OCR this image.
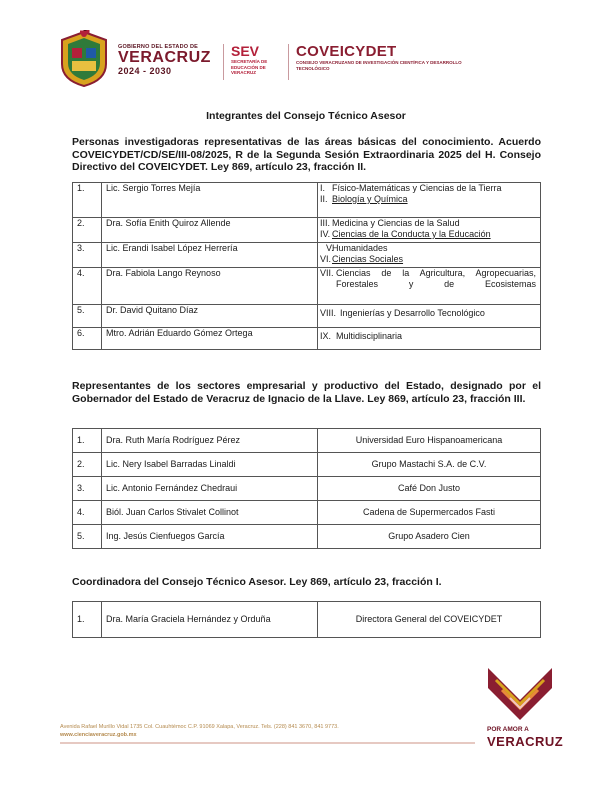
GOBIERNO DEL ESTADO DE
VERACRUZ
2024 - 2030
SEV
SECRETARÍA DE EDUCACIÓN DE VERACRUZ
COVEICYDET
CONSEJO VERACRUZANO DE INVESTIGACIÓN CIENTÍFICA Y DESARROLLO TECNOLÓGICO
Integrantes del Consejo Técnico Asesor
Personas investigadoras representativas de las áreas básicas del conocimiento. Acuerdo COVEICYDET/CD/SE/III-08/2025, R de la Segunda Sesión Extraordinaria 2025 del H. Consejo Directivo del COVEICYDET. Ley 869, artículo 23, fracción II.
1.	Lic. Sergio Torres Mejía	I. Físico-Matemáticas y Ciencias de la Tierra
II. Biología y Química

2.	Dra. Sofía Enith Quiroz Allende	III. Medicina y Ciencias de la Salud
IV. Ciencias de la Conducta y la Educación

3.	Lic. Erandi Isabel López Herrería	V.
Humanidades
VI. Ciencias Sociales

4.	Dra. Fabiola Lango Reynoso	VII. Ciencias de la Agricultura, Agropecuarias, Forestales y de Ecosistemas

5.	Dr. David Quitano Díaz	VIII. Ingenierías y Desarrollo Tecnológico

6.	Mtro. Adrián Eduardo Gómez Ortega	IX. Multidisciplinaria
Representantes de los sectores empresarial y productivo del Estado, designado por el Gobernador del Estado de Veracruz de Ignacio de la Llave. Ley 869, artículo 23, fracción III.
1.	Dra. Ruth María Rodríguez Pérez	Universidad Euro Hispanoamericana
2.	Lic. Nery Isabel Barradas Linaldi	Grupo Mastachi S.A. de C.V.
3.	Lic. Antonio Fernández Chedraui	Café Don Justo
4.	Biól. Juan Carlos Stivalet Collinot	Cadena de Supermercados Fasti
5.	Ing. Jesús Cienfuegos García	Grupo Asadero Cien
Coordinadora del Consejo Técnico Asesor. Ley 869, artículo 23, fracción I.
1.	Dra. María Graciela Hernández y Orduña	Directora General del COVEICYDET
Avenida Rafael Murillo Vidal 1735 Col. Cuauhtémoc C.P. 91069 Xalapa, Veracruz. Tels. (228) 841 3670, 841 9773.
www.cienciaveracruz.gob.mx
POR AMOR A
VERACRUZ
